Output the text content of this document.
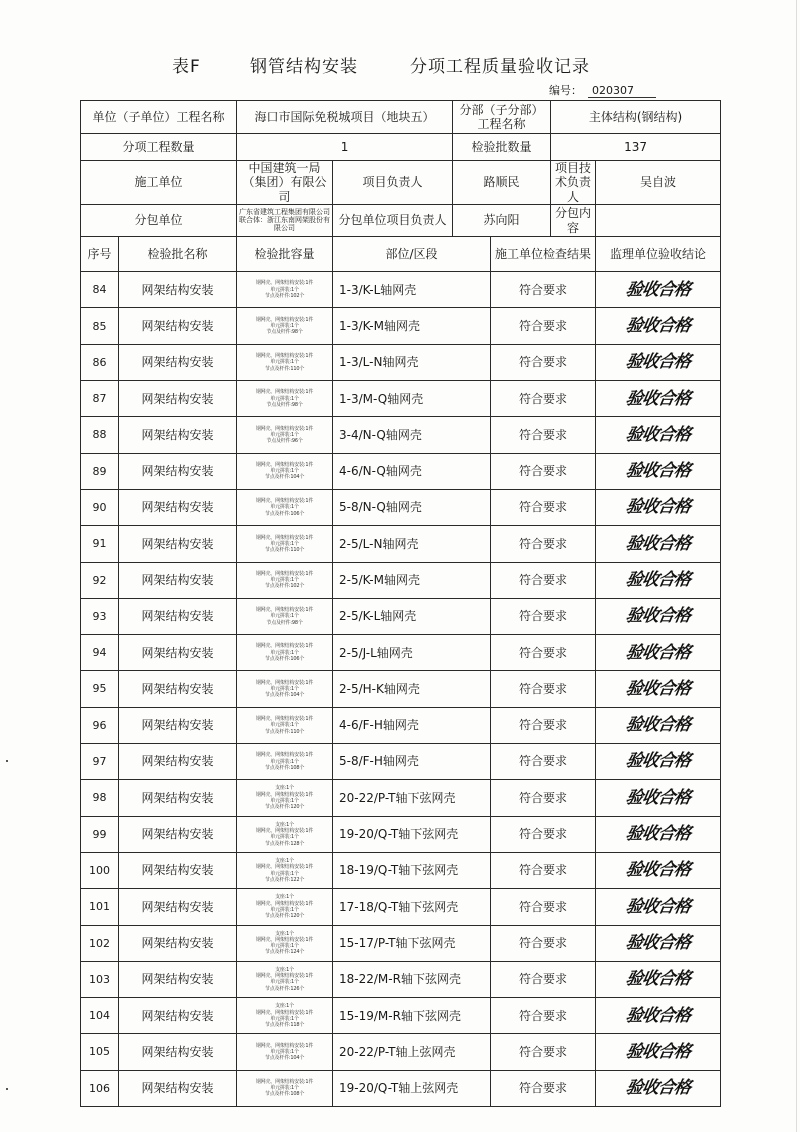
表F	钢管结构安装	分项工程质量验收记录
编号： 020307
单位（子单位）工程名称		海口市国际免税城项目（地块五）		分部（子分部）工程名称		主体结构(钢结构)	
分项工程数量		1		检验批数量		137	
施工单位		中国建筑一局（集团）有限公司	项目负责人	路顺民		项目技术负责人	吴自波
分包单位		广东省建筑工程集团有限公司 联合体：浙江东南网架股份有限公司	分包单位项目负责人	苏向阳		分包内容	
序号	检验批名称	检验批容量	部位/区段		施工单位检查结果		监理单位验收结论
84	网架结构安装	钢网壳、网架结构安装:1件
单元拼装:1个
节点及杆件:102个	1-3/K-L轴网壳		符合要求		验收合格
85	网架结构安装	钢网壳、网架结构安装:1件
单元拼装:1个
节点及杆件:98个	1-3/K-M轴网壳		符合要求		验收合格
86	网架结构安装	钢网壳、网架结构安装:1件
单元拼装:1个
节点及杆件:110个	1-3/L-N轴网壳		符合要求		验收合格
87	网架结构安装	钢网壳、网架结构安装:1件
单元拼装:1个
节点及杆件:98个	1-3/M-Q轴网壳		符合要求		验收合格
88	网架结构安装	钢网壳、网架结构安装:1件
单元拼装:1个
节点及杆件:96个	3-4/N-Q轴网壳		符合要求		验收合格
89	网架结构安装	钢网壳、网架结构安装:1件
单元拼装:1个
节点及杆件:104个	4-6/N-Q轴网壳		符合要求		验收合格
90	网架结构安装	钢网壳、网架结构安装:1件
单元拼装:1个
节点及杆件:106个	5-8/N-Q轴网壳		符合要求		验收合格
91	网架结构安装	钢网壳、网架结构安装:1件
单元拼装:1个
节点及杆件:110个	2-5/L-N轴网壳		符合要求		验收合格
92	网架结构安装	钢网壳、网架结构安装:1件
单元拼装:1个
节点及杆件:102个	2-5/K-M轴网壳		符合要求		验收合格
93	网架结构安装	钢网壳、网架结构安装:1件
单元拼装:1个
节点及杆件:98个	2-5/K-L轴网壳		符合要求		验收合格
94	网架结构安装	钢网壳、网架结构安装:1件
单元拼装:1个
节点及杆件:106个	2-5/J-L轴网壳		符合要求		验收合格
95	网架结构安装	钢网壳、网架结构安装:1件
单元拼装:1个
节点及杆件:104个	2-5/H-K轴网壳		符合要求		验收合格
96	网架结构安装	钢网壳、网架结构安装:1件
单元拼装:1个
节点及杆件:110个	4-6/F-H轴网壳		符合要求		验收合格
97	网架结构安装	钢网壳、网架结构安装:1件
单元拼装:1个
节点及杆件:108个	5-8/F-H轴网壳		符合要求		验收合格
98	网架结构安装	支座:1个
钢网壳、网架结构安装:1件
单元拼装:1个
节点及杆件:120个	20-22/P-T轴下弦网壳		符合要求		验收合格
99	网架结构安装	支座:1个
钢网壳、网架结构安装:1件
单元拼装:1个
节点及杆件:128个	19-20/Q-T轴下弦网壳		符合要求		验收合格
100	网架结构安装	支座:1个
钢网壳、网架结构安装:1件
单元拼装:1个
节点及杆件:122个	18-19/Q-T轴下弦网壳		符合要求		验收合格
101	网架结构安装	支座:1个
钢网壳、网架结构安装:1件
单元拼装:1个
节点及杆件:120个	17-18/Q-T轴下弦网壳		符合要求		验收合格
102	网架结构安装	支座:1个
钢网壳、网架结构安装:1件
单元拼装:1个
节点及杆件:124个	15-17/P-T轴下弦网壳		符合要求		验收合格
103	网架结构安装	支座:1个
钢网壳、网架结构安装:1件
单元拼装:1个
节点及杆件:126个	18-22/M-R轴下弦网壳		符合要求		验收合格
104	网架结构安装	支座:1个
钢网壳、网架结构安装:1件
单元拼装:1个
节点及杆件:118个	15-19/M-R轴下弦网壳		符合要求		验收合格
105	网架结构安装	钢网壳、网架结构安装:1件
单元拼装:1个
节点及杆件:104个	20-22/P-T轴上弦网壳		符合要求		验收合格
106	网架结构安装	钢网壳、网架结构安装:1件
单元拼装:1个
节点及杆件:108个	19-20/Q-T轴上弦网壳		符合要求		验收合格
